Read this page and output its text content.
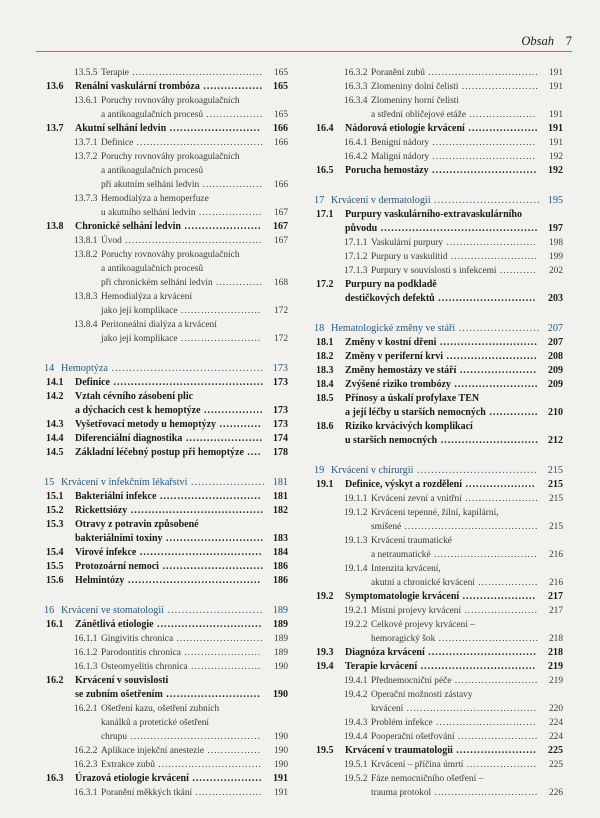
Obsah 7
13.5.5 Terapie .......................................	165
13.6	Renální vaskulární trombóza .................	165
13.6.1 Poruchy rovnováhy prokoagulačních
a antikoagulačních procesů .................	165
13.7	Akutní selhání ledvin ..........................	166
13.7.1 Definice ......................................	166
13.7.2 Poruchy rovnováhy prokoagulačních
a antikoagulačních procesů
při akutním selhání ledvin ..................	166
13.7.3 Hemodialýza a hemoperfuze
u akutního selhání ledvin ...................	167
13.8	Chronické selhání ledvin ......................	167
13.8.1 Úvod .........................................	167
13.8.2 Poruchy rovnováhy prokoagulačních
a antikoagulačních procesů
při chronickém selhání ledvin ..............	168
13.8.3 Hemodialýza a krvácení
jako její komplikace ........................	172
13.8.4 Peritoneální dialýza a krvácení
jako její komplikace ........................	172
14 Hemoptýza ........................................... 173
14.1	Definice ........................................... 173
14.2	Vztah cévního zásobení plic
a dýchacích cest k hemoptýze ................. 173
14.3	Vyšetřovací metody u hemoptýzy ............	173
14.4	Diferenciální diagnostika ......................	174
14.5	Základní léčebný postup při hemoptýze ....	178
15 Krvácení v infekčním lékařství ..................... 181
15.1	Bakteriální infekce .............................	181
15.2	Rickettsiózy ...................................... 182
15.3	Otravy z potravin způsobené
bakteriálními toxiny ............................ 183
15.4	Virové infekce ...................................	184
15.5	Protozoární nemoci ............................. 186
15.6	Helmintózy ......................................	186
16 Krvácení ve stomatologii ........................... 189
16.1	Zánětlivá etiologie ..............................	189
16.1.1 Gingivitis chronica ..........................	189
16.1.2 Parodontitis chronica .......................	189
16.1.3 Osteomyelitis chronica .....................	190
16.2	Krvácení v souvislosti
se zubním ošetřením ...........................	190
16.2.1 Ošetření kazu, ošetření zubních
kanálků a protetické ošetření
chrupu .......................................	190
16.2.2 Aplikace injekční anestezie ................	190
16.2.3 Extrakce zubů ...............................	190
16.3	Úrazová etiologie krvácení ....................	191
16.3.1 Poranění měkkých tkání ....................	191
16.3.2 Poranění zubů .................................	191
16.3.3 Zlomeniny dolní čelisti .......................	191
16.3.4 Zlomeniny horní čelisti
a střední obličejové etáže ....................	191
16.4	Nádorová etiologie krvácení .................... 191
16.4.1 Benigní nádory ...............................	191
16.4.2 Maligní nádory ...............................	192
16.5	Porucha hemostázy ..............................	192
17 Krvácení v dermatologii .............................. 195
17.1	Purpury vaskulárního-extravaskulárního
původu ............................................. 197
17.1.1 Vaskulární purpury ...........................	198
17.1.2 Purpury u vaskulitid ..........................	199
17.1.3 Purpury v souvislosti s infekcemi ...........	202
17.2	Purpury na podkladě
destičkových defektů ............................	203
18 Hematologické změny ve stáří ....................... 207
18.1	Změny v kostní dřeni ............................	207
18.2	Změny v periferní krvi ..........................	208
18.3	Změny hemostázy ve stáří ......................	209
18.4	Zvýšené riziko trombózy ........................ 209
18.5	Přínosy a úskalí profylaxe TEN
a její léčby u starších nemocných .............. 210
18.6	Riziko krvácivých komplikací
u starších nemocných ............................ 212
19 Krvácení v chirurgii .................................. 215
19.1	Definice, výskyt a rozdělení ....................	215
19.1.1 Krvácení zevní a vnitřní ......................	215
19.1.2 Krvácení tepenné, žilní, kapilární,
smíšené ........................................	215
19.1.3 Krvácení traumatické
a netraumatické ...............................	216
19.1.4 Intenzita krvácení,
akutní a chronické krvácení ..................	216
19.2	Symptomatologie krvácení .....................	217
19.2.1 Místní projevy krvácení ......................	217
19.2.2 Celkové projevy krvácení –
hemoragický šok ..............................	218
19.3	Diagnóza krvácení ...............................	218
19.4	Terapie krvácení .................................	219
19.4.1 Přednemocniční péče .........................	219
19.4.2 Operační možnosti zástavy
krvácení .......................................	220
19.4.3 Problém infekce ..............................	224
19.4.4 Pooperační ošetřování ........................	224
19.5	Krvácení v traumatologii .......................	225
19.5.1 Krvácení – příčina úmrtí .....................	225
19.5.2 Fáze nemocničního ošetření –
trauma protokol ...............................	226
